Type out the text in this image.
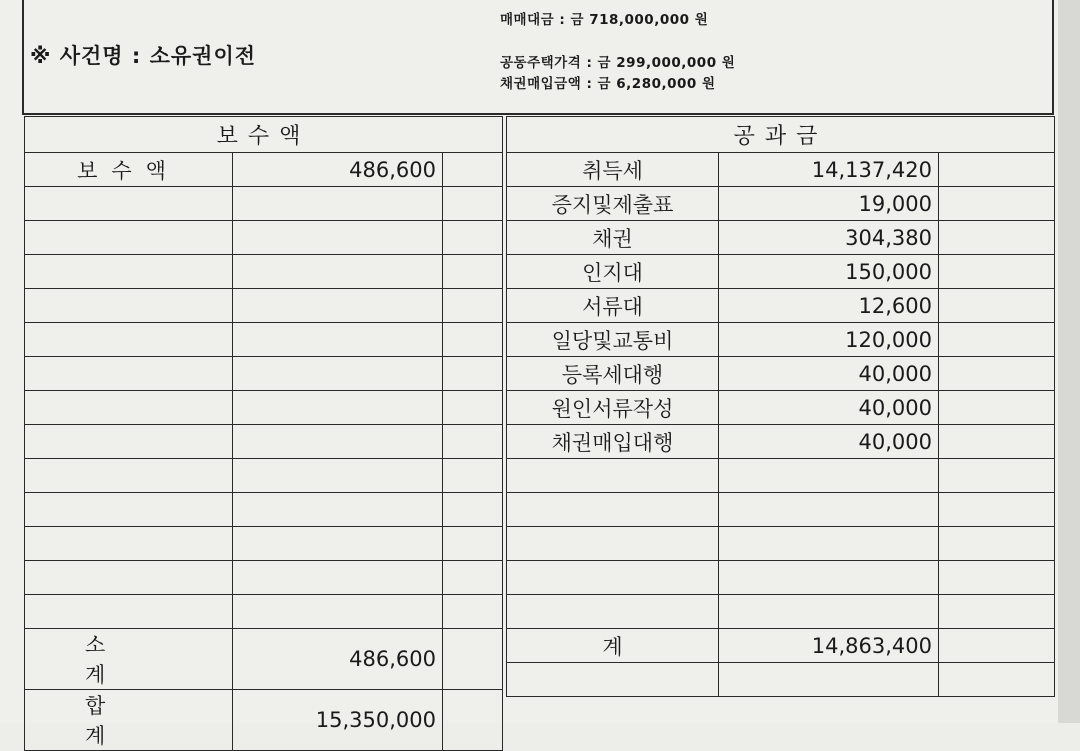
※ 사건명 : 소유권이전
매매대금 : 금 718,000,000 원
공동주택가격 : 금 299,000,000 원
채권매입금액 : 금 6,280,000 원
보수액		
보수액	486,600	

소 계	486,600	
합 계	15,350,000	
공과금		
취득세	14,137,420	
증지및제출표	19,000	
채권	304,380	
인지대	150,000	
서류대	12,600	
일당및교통비	120,000	
등록세대행	40,000	
원인서류작성	40,000	
채권매입대행	40,000	

계	14,863,400	
